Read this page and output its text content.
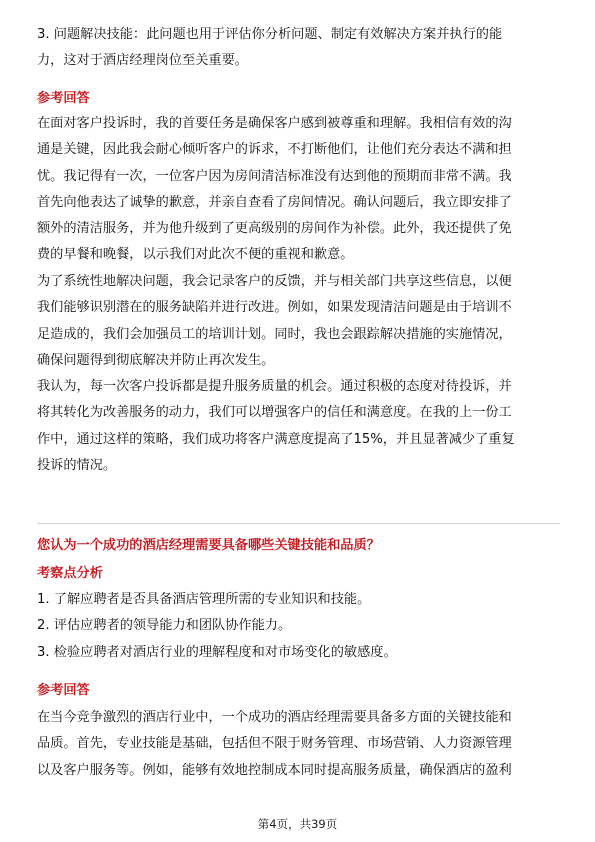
3. 问题解决技能：此问题也用于评估你分析问题、制定有效解决方案并执行的能
力，这对于酒店经理岗位至关重要。

参考回答

在面对客户投诉时，我的首要任务是确保客户感到被尊重和理解。我相信有效的沟
通是关键，因此我会耐心倾听客户的诉求，不打断他们，让他们充分表达不满和担
忧。我记得有一次，一位客户因为房间清洁标准没有达到他的预期而非常不满。我
首先向他表达了诚挚的歉意，并亲自查看了房间情况。确认问题后，我立即安排了
额外的清洁服务，并为他升级到了更高级别的房间作为补偿。此外，我还提供了免
费的早餐和晚餐，以示我们对此次不便的重视和歉意。

为了系统性地解决问题，我会记录客户的反馈，并与相关部门共享这些信息，以便
我们能够识别潜在的服务缺陷并进行改进。例如，如果发现清洁问题是由于培训不
足造成的，我们会加强员工的培训计划。同时，我也会跟踪解决措施的实施情况，
确保问题得到彻底解决并防止再次发生。

我认为，每一次客户投诉都是提升服务质量的机会。通过积极的态度对待投诉，并
将其转化为改善服务的动力，我们可以增强客户的信任和满意度。在我的上一份工
作中，通过这样的策略，我们成功将客户满意度提高了15%，并且显著减少了重复
投诉的情况。

您认为一个成功的酒店经理需要具备哪些关键技能和品质？
考察点分析

1. 了解应聘者是否具备酒店管理所需的专业知识和技能。
2. 评估应聘者的领导能力和团队协作能力。
3. 检验应聘者对酒店行业的理解程度和对市场变化的敏感度。

参考回答

在当今竞争激烈的酒店行业中，一个成功的酒店经理需要具备多方面的关键技能和
品质。首先，专业技能是基础，包括但不限于财务管理、市场营销、人力资源管理
以及客户服务等。例如，能够有效地控制成本同时提高服务质量，确保酒店的盈利

第4页，共39页
